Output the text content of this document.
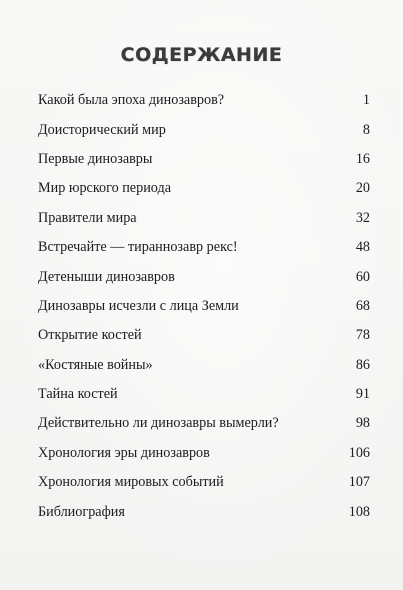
СОДЕРЖАНИЕ
Какой была эпоха динозавров?	1
Доисторический мир	8
Первые динозавры	16
Мир юрского периода	20
Правители мира	32
Встречайте — тираннозавр рекс!	48
Детеныши динозавров	60
Динозавры исчезли с лица Земли	68
Открытие костей	78
«Костяные войны»	86
Тайна костей	91
Действительно ли динозавры вымерли?	98
Хронология эры динозавров	106
Хронология мировых событий	107
Библиография	108
